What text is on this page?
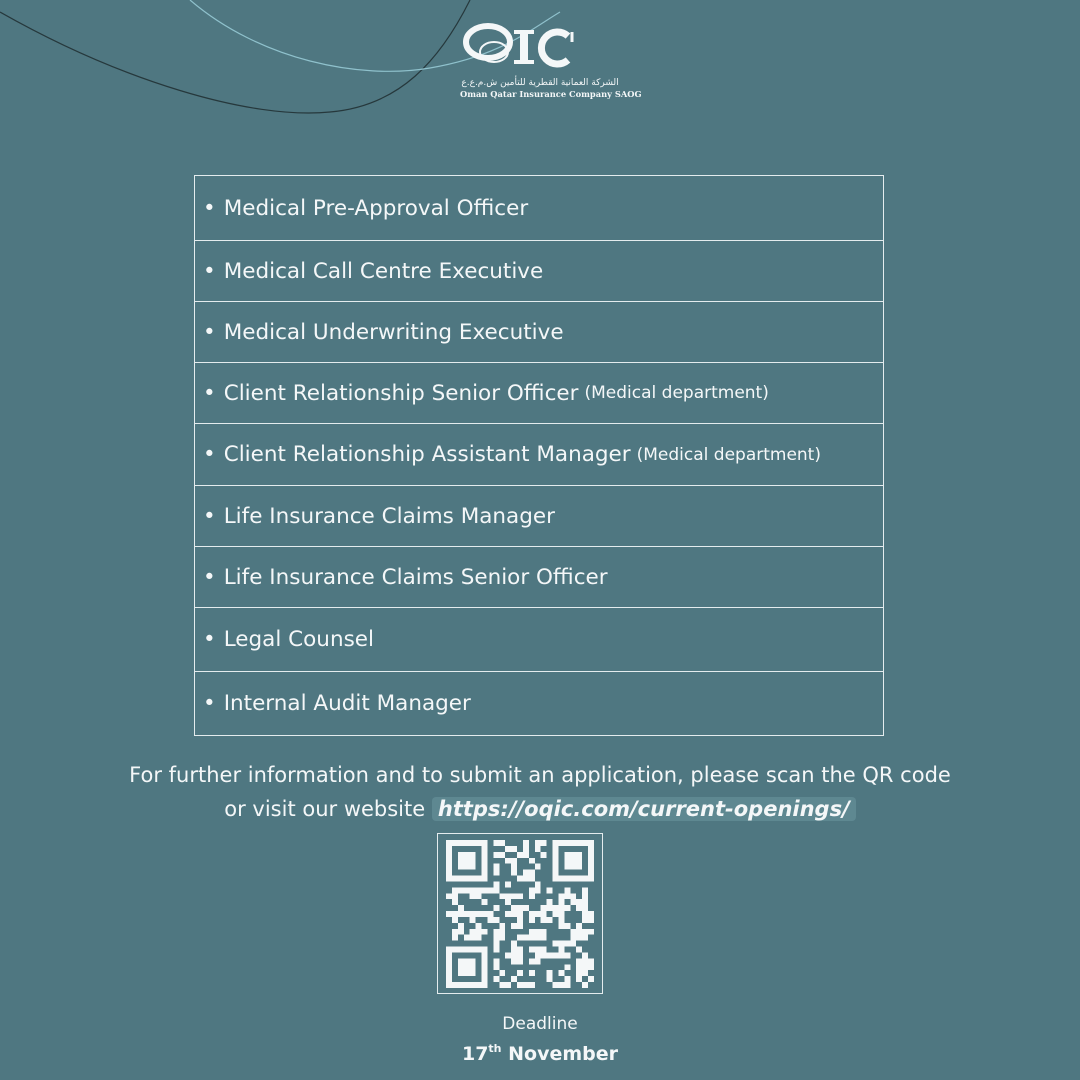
الشركة العمانية القطرية للتأمين ش.م.ع.ع
Oman Qatar Insurance Company SAOG
• Medical Pre-Approval Officer
• Medical Call Centre Executive
• Medical Underwriting Executive
• Client Relationship Senior Officer (Medical department)
• Client Relationship Assistant Manager (Medical department)
• Life Insurance Claims Manager
• Life Insurance Claims Senior Officer
• Legal Counsel
• Internal Audit Manager
For further information and to submit an application, please scan the QR code
or visit our website https://oqic.com/current-openings/
Deadline
17th November
